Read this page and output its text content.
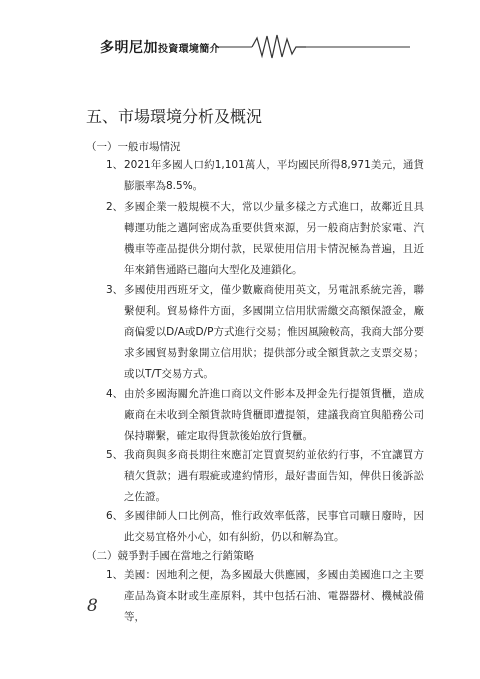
多明尼加投資環境簡介
五、市場環境分析及概況
（一）一般市場情況
1、 2021年多國人口約1,101萬人，平均國民所得8,971美元，通貨膨脹率為8.5%。
2、 多國企業一般規模不大，常以少量多樣之方式進口，故鄰近且具轉運功能之邁阿密成為重要供貨來源，另一般商店對於家電、汽機車等產品提供分期付款，民眾使用信用卡情況極為普遍，且近年來銷售通路已趨向大型化及連鎖化。
3、 多國使用西班牙文，僅少數廠商使用英文，另電訊系統完善，聯繫便利。貿易條件方面，多國開立信用狀需繳交高額保證金，廠商偏愛以D/A或D/P方式進行交易；惟因風險較高，我商大部分要求多國貿易對象開立信用狀；提供部分或全額貨款之支票交易；或以T/T交易方式。
4、 由於多國海關允許進口商以文件影本及押金先行提領貨櫃，造成廠商在未收到全額貨款時貨櫃即遭提領，建議我商宜與船務公司保持聯繫，確定取得貨款後始放行貨櫃。
5、 我商與與多商長期往來應訂定買賣契約並依約行事，不宜讓買方積欠貨款；遇有瑕疵或違約情形，最好書面告知，俾供日後訴訟之佐證。
6、 多國律師人口比例高，惟行政效率低落，民事官司曠日廢時，因此交易宜格外小心，如有糾紛，仍以和解為宜。
（二）競爭對手國在當地之行銷策略
1、 美國：因地利之便，為多國最大供應國，多國由美國進口之主要產品為資本財或生產原料，其中包括石油、電器器材、機械設備等，
8
